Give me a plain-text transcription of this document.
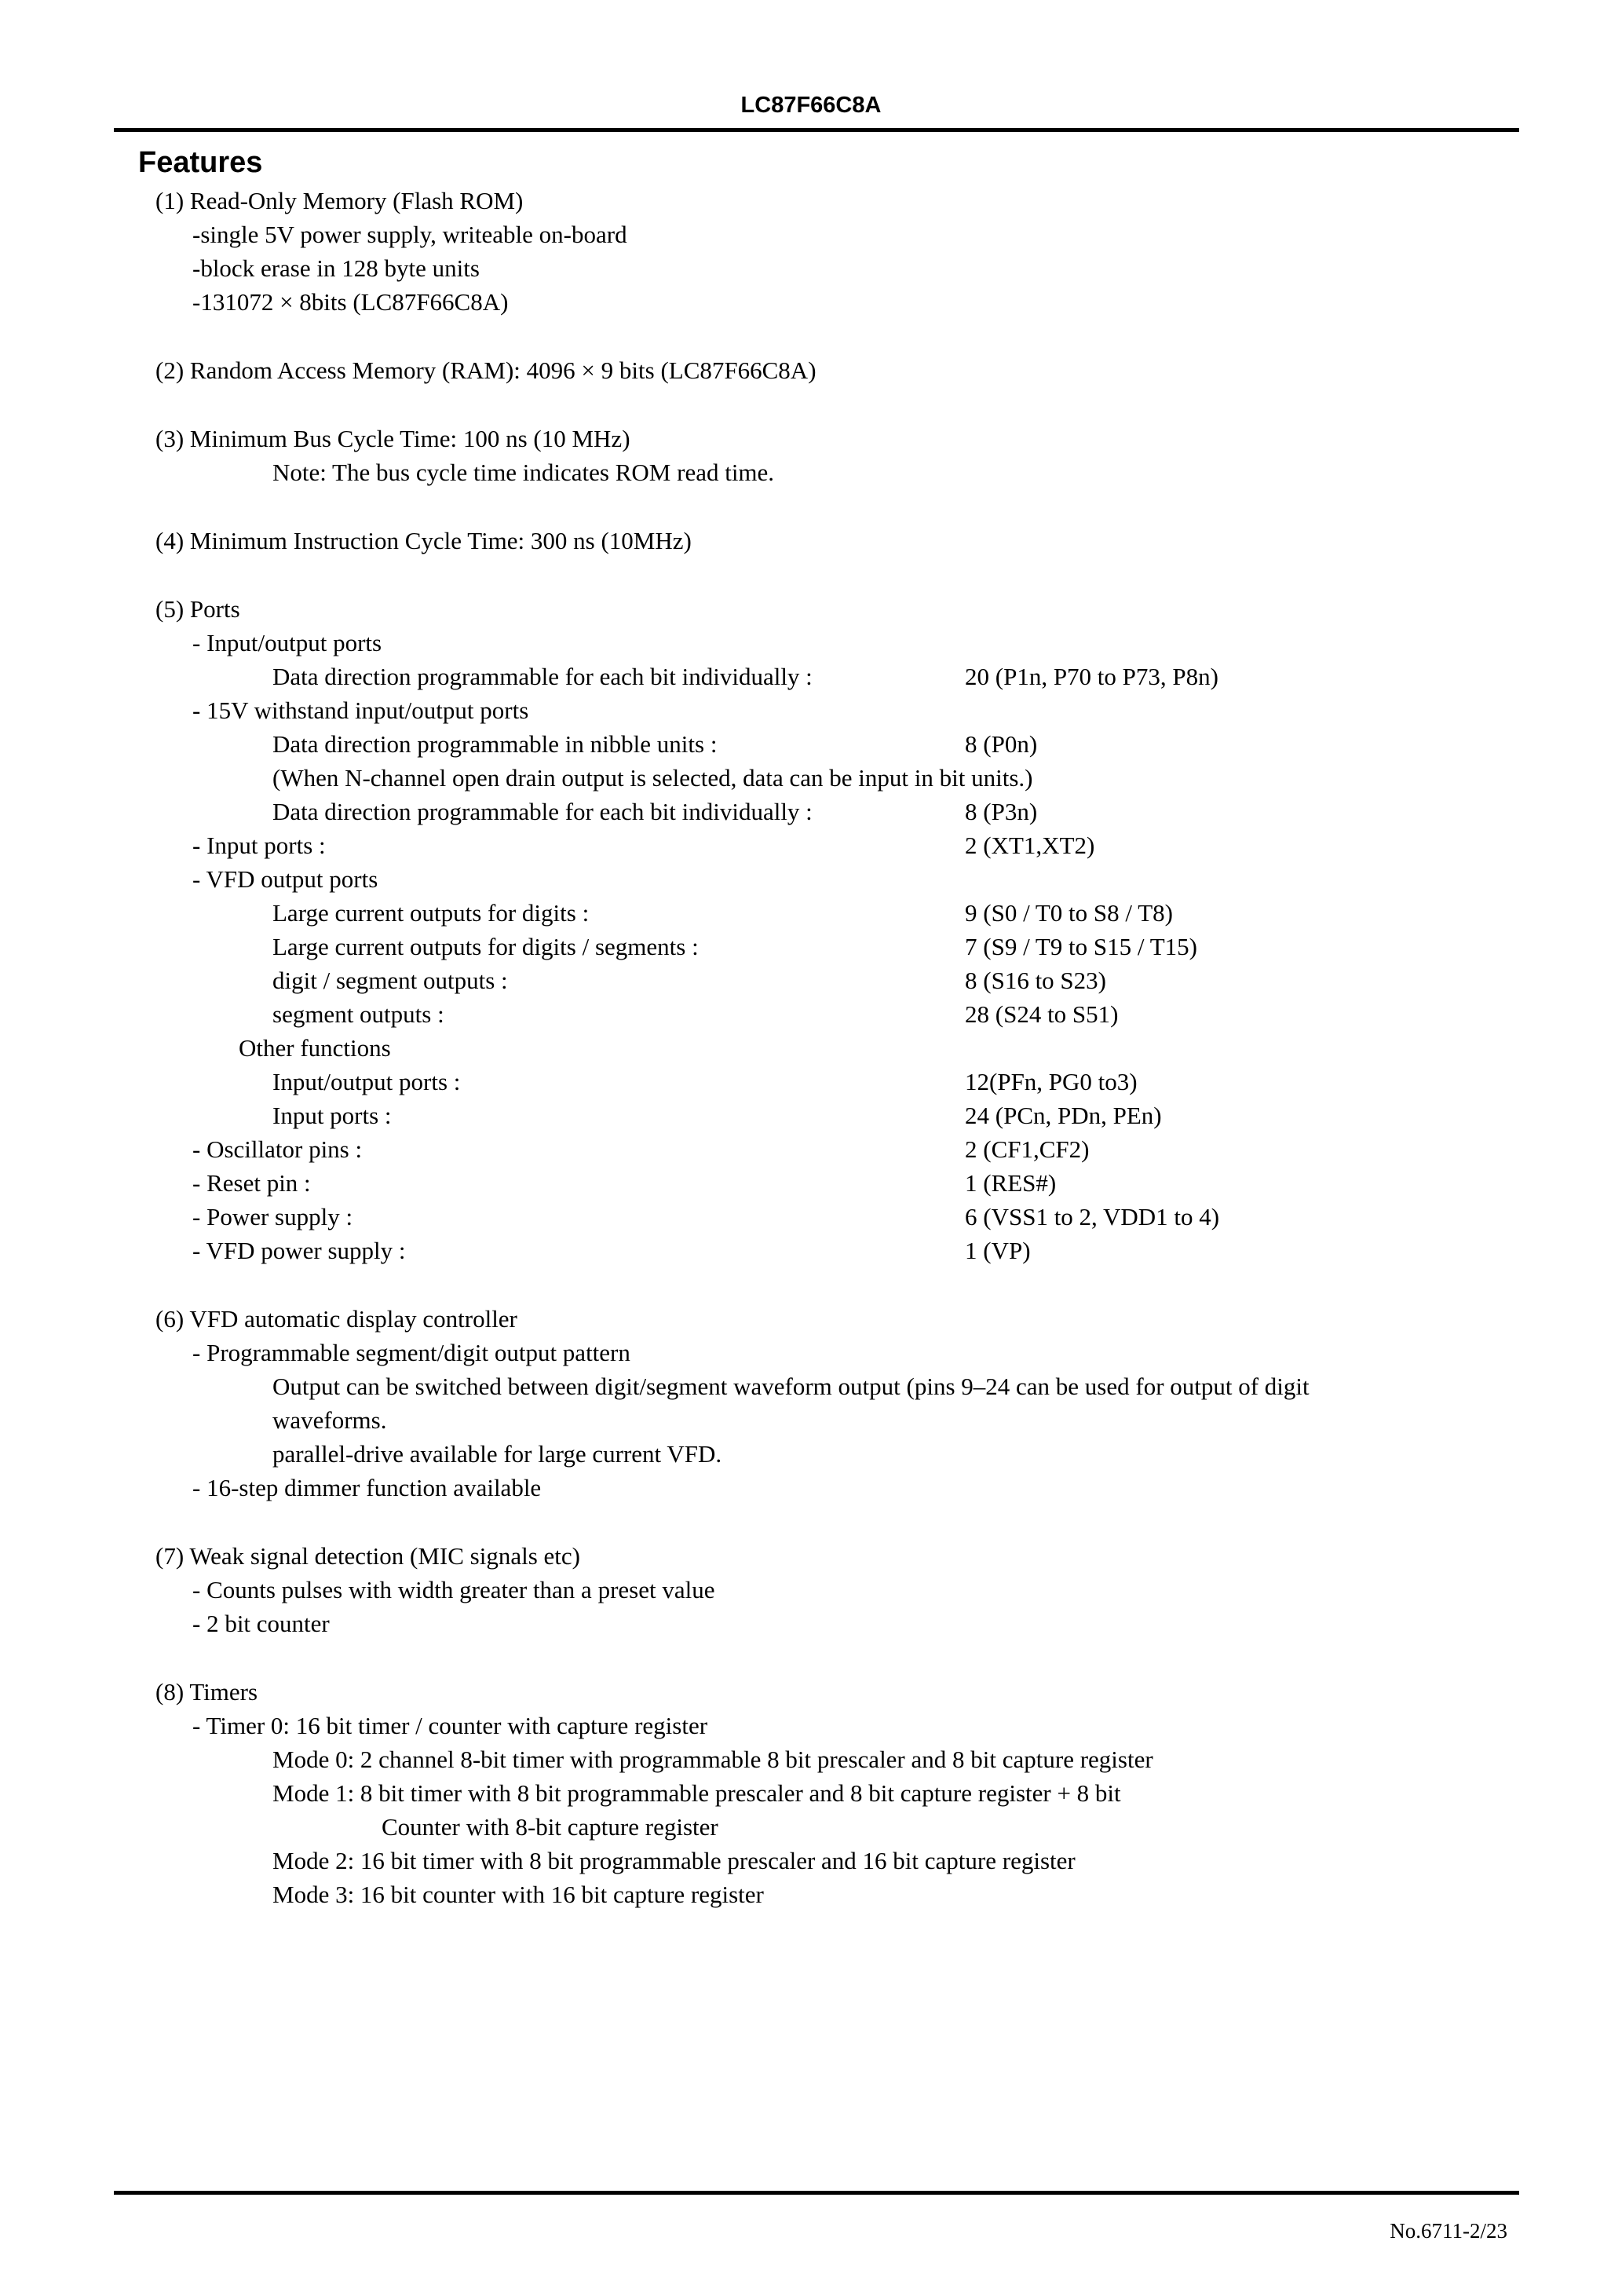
LC87F66C8A
Features
(1) Read-Only Memory (Flash ROM)
-single 5V power supply, writeable on-board
-block erase in 128 byte units
-131072 × 8bits (LC87F66C8A)
(2) Random Access Memory (RAM): 4096 × 9 bits (LC87F66C8A)
(3) Minimum Bus Cycle Time: 100 ns (10 MHz)
Note: The bus cycle time indicates ROM read time.
(4) Minimum Instruction Cycle Time: 300 ns (10MHz)
(5) Ports
- Input/output ports
Data direction programmable for each bit individually :	20 (P1n, P70 to P73, P8n)
- 15V withstand input/output ports
Data direction programmable in nibble units :	8 (P0n)
(When N-channel open drain output is selected, data can be input in bit units.)
Data direction programmable for each bit individually :	8 (P3n)
- Input ports :	2 (XT1,XT2)
- VFD output ports
Large current outputs for digits :	9 (S0 / T0 to S8 / T8)
Large current outputs for digits / segments :	7 (S9 / T9 to S15 / T15)
digit / segment outputs :	8 (S16 to S23)
segment outputs :	28 (S24 to S51)
Other functions
Input/output ports :	12(PFn, PG0 to3)
Input ports :	24 (PCn, PDn, PEn)
- Oscillator pins :	2 (CF1,CF2)
- Reset pin :	1 (RES#)
- Power supply :	6 (VSS1 to 2, VDD1 to 4)
- VFD power supply :	1 (VP)
(6) VFD automatic display controller
- Programmable segment/digit output pattern
Output can be switched between digit/segment waveform output (pins 9–24 can be used for output of digit
waveforms.
parallel-drive available for large current VFD.
- 16-step dimmer function available
(7) Weak signal detection (MIC signals etc)
- Counts pulses with width greater than a preset value
- 2 bit counter
(8) Timers
- Timer 0: 16 bit timer / counter with capture register
Mode 0: 2 channel 8-bit timer with programmable 8 bit prescaler and 8 bit capture register
Mode 1: 8 bit timer with 8 bit programmable prescaler and 8 bit capture register + 8 bit
Counter with 8-bit capture register
Mode 2: 16 bit timer with 8 bit programmable prescaler and 16 bit capture register
Mode 3: 16 bit counter with 16 bit capture register
No.6711-2/23
